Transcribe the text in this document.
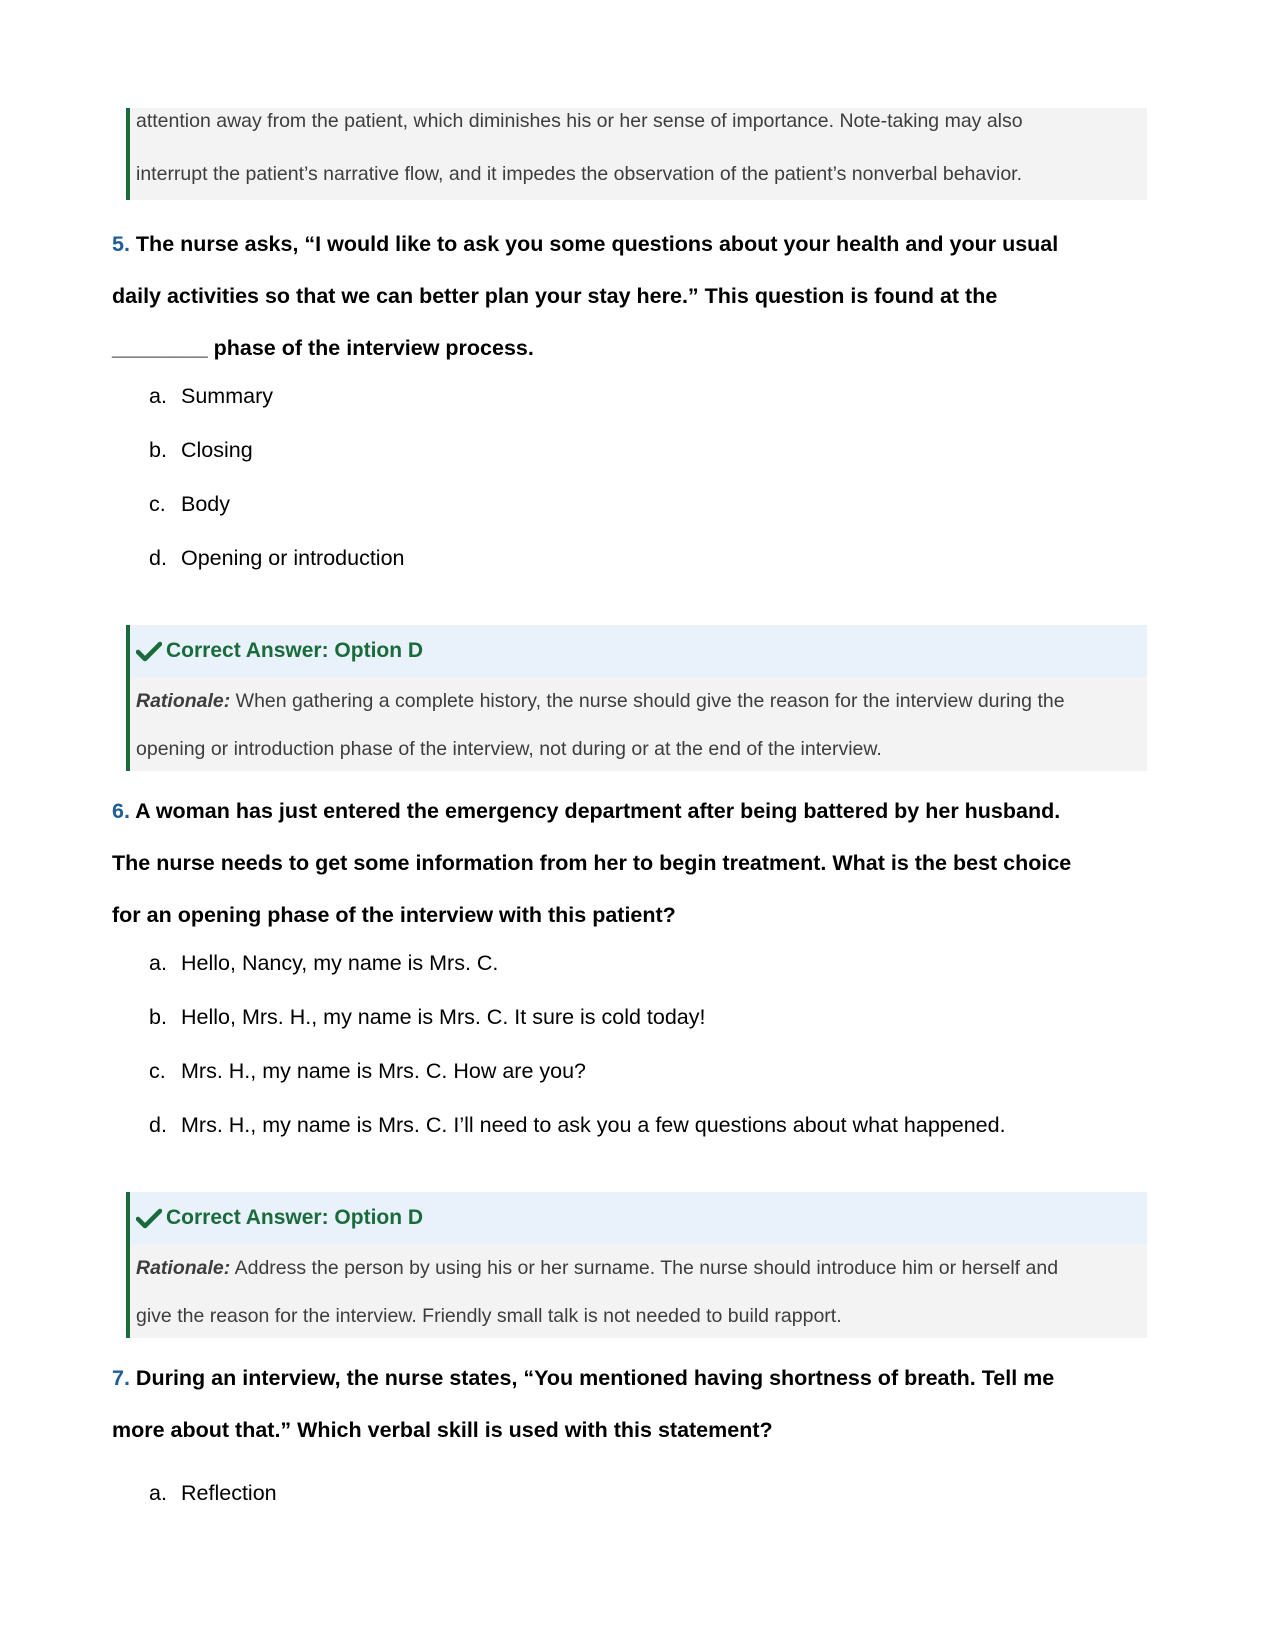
attention away from the patient, which diminishes his or her sense of importance. Note-taking may also
interrupt the patient’s narrative flow, and it impedes the observation of the patient’s nonverbal behavior.
5. The nurse asks, “I would like to ask you some questions about your health and your usual
daily activities so that we can better plan your stay here.” This question is found at the
________ phase of the interview process.
a. Summary
b. Closing
c. Body
d. Opening or introduction
Correct Answer: Option D
Rationale: When gathering a complete history, the nurse should give the reason for the interview during the
opening or introduction phase of the interview, not during or at the end of the interview.
6. A woman has just entered the emergency department after being battered by her husband.
The nurse needs to get some information from her to begin treatment. What is the best choice
for an opening phase of the interview with this patient?
a. Hello, Nancy, my name is Mrs. C.
b. Hello, Mrs. H., my name is Mrs. C. It sure is cold today!
c. Mrs. H., my name is Mrs. C. How are you?
d. Mrs. H., my name is Mrs. C. I’ll need to ask you a few questions about what happened.
Correct Answer: Option D
Rationale: Address the person by using his or her surname. The nurse should introduce him or herself and
give the reason for the interview. Friendly small talk is not needed to build rapport.
7. During an interview, the nurse states, “You mentioned having shortness of breath. Tell me
more about that.” Which verbal skill is used with this statement?
a. Reflection
